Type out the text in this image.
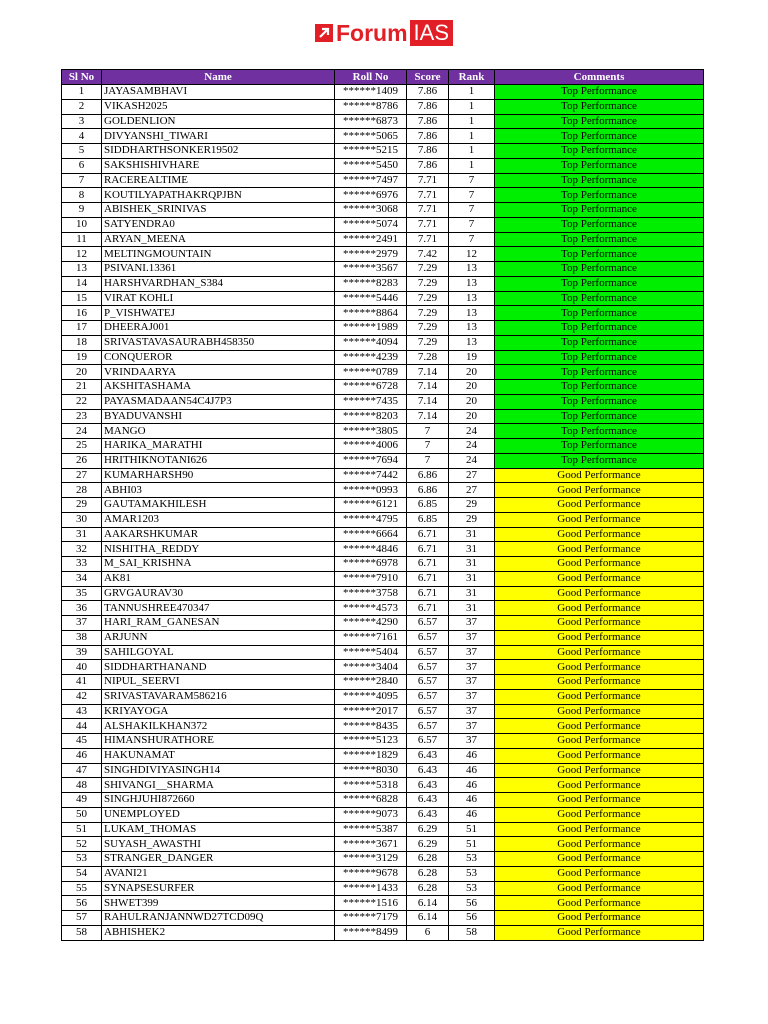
Forum IAS
Sl No	Name	Roll No	Score	Rank	Comments
1	JAYASAMBHAVI	******1409	7.86	1	Top Performance
2	VIKASH2025	******8786	7.86	1	Top Performance
3	GOLDENLION	******6873	7.86	1	Top Performance
4	DIVYANSHI_TIWARI	******5065	7.86	1	Top Performance
5	SIDDHARTHSONKER19502	******5215	7.86	1	Top Performance
6	SAKSHISHIVHARE	******5450	7.86	1	Top Performance
7	RACEREALTIME	******7497	7.71	7	Top Performance
8	KOUTILYAPATHAKRQPJBN	******6976	7.71	7	Top Performance
9	ABISHEK_SRINIVAS	******3068	7.71	7	Top Performance
10	SATYENDRA0	******5074	7.71	7	Top Performance
11	ARYAN_MEENA	******2491	7.71	7	Top Performance
12	MELTINGMOUNTAIN	******2979	7.42	12	Top Performance
13	PSIVANI.13361	******3567	7.29	13	Top Performance
14	HARSHVARDHAN_S384	******8283	7.29	13	Top Performance
15	VIRAT KOHLI	******5446	7.29	13	Top Performance
16	P_VISHWATEJ	******8864	7.29	13	Top Performance
17	DHEERAJ001	******1989	7.29	13	Top Performance
18	SRIVASTAVASAURABH458350	******4094	7.29	13	Top Performance
19	CONQUEROR	******4239	7.28	19	Top Performance
20	VRINDAARYA	******0789	7.14	20	Top Performance
21	AKSHITASHAMA	******6728	7.14	20	Top Performance
22	PAYASMADAAN54C4J7P3	******7435	7.14	20	Top Performance
23	BYADUVANSHI	******8203	7.14	20	Top Performance
24	MANGO	******3805	7	24	Top Performance
25	HARIKA_MARATHI	******4006	7	24	Top Performance
26	HRITHIKNOTANI626	******7694	7	24	Top Performance
27	KUMARHARSH90	******7442	6.86	27	Good Performance
28	ABHI03	******0993	6.86	27	Good Performance
29	GAUTAMAKHILESH	******6121	6.85	29	Good Performance
30	AMAR1203	******4795	6.85	29	Good Performance
31	AAKARSHKUMAR	******6664	6.71	31	Good Performance
32	NISHITHA_REDDY	******4846	6.71	31	Good Performance
33	M_SAI_KRISHNA	******6978	6.71	31	Good Performance
34	AK81	******7910	6.71	31	Good Performance
35	GRVGAURAV30	******3758	6.71	31	Good Performance
36	TANNUSHREE470347	******4573	6.71	31	Good Performance
37	HARI_RAM_GANESAN	******4290	6.57	37	Good Performance
38	ARJUNN	******7161	6.57	37	Good Performance
39	SAHILGOYAL	******5404	6.57	37	Good Performance
40	SIDDHARTHANAND	******3404	6.57	37	Good Performance
41	NIPUL_SEERVI	******2840	6.57	37	Good Performance
42	SRIVASTAVARAM586216	******4095	6.57	37	Good Performance
43	KRIYAYOGA	******2017	6.57	37	Good Performance
44	ALSHAKILKHAN372	******8435	6.57	37	Good Performance
45	HIMANSHURATHORE	******5123	6.57	37	Good Performance
46	HAKUNAMAT	******1829	6.43	46	Good Performance
47	SINGHDIVIYASINGH14	******8030	6.43	46	Good Performance
48	SHIVANGI__SHARMA	******5318	6.43	46	Good Performance
49	SINGHJUHI872660	******6828	6.43	46	Good Performance
50	UNEMPLOYED	******9073	6.43	46	Good Performance
51	LUKAM_THOMAS	******5387	6.29	51	Good Performance
52	SUYASH_AWASTHI	******3671	6.29	51	Good Performance
53	STRANGER_DANGER	******3129	6.28	53	Good Performance
54	AVANI21	******9678	6.28	53	Good Performance
55	SYNAPSESURFER	******1433	6.28	53	Good Performance
56	SHWET399	******1516	6.14	56	Good Performance
57	RAHULRANJANNWD27TCD09Q	******7179	6.14	56	Good Performance
58	ABHISHEK2	******8499	6	58	Good Performance
